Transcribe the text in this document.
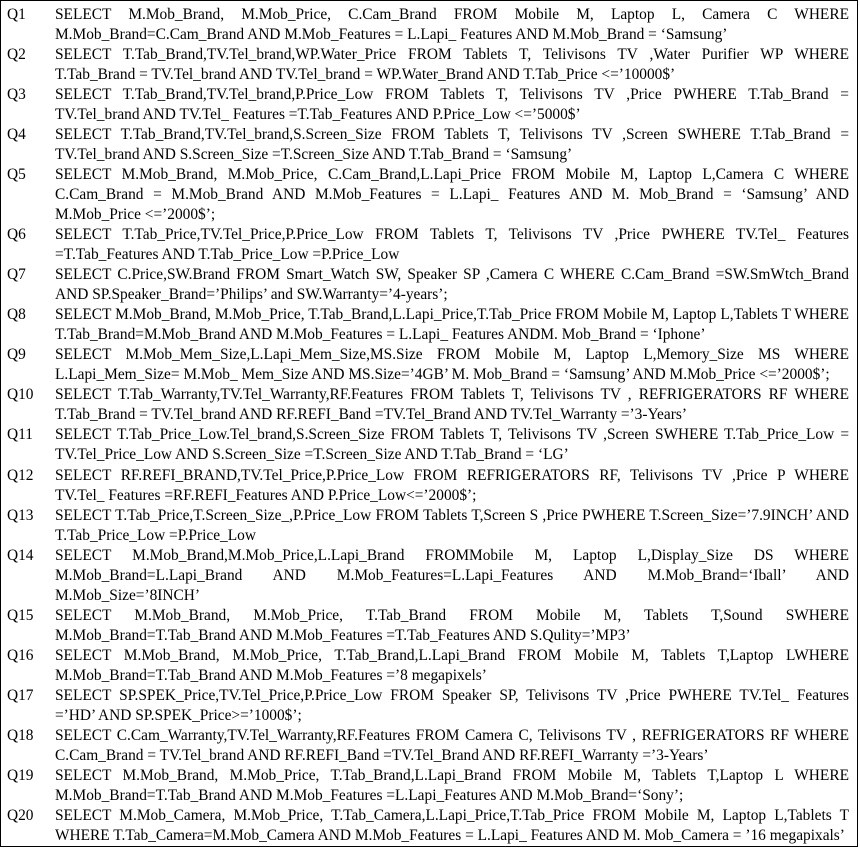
Q1	SELECT M.Mob_Brand, M.Mob_Price, C.Cam_Brand FROM Mobile M, Laptop L, Camera C WHERE M.Mob_Brand=C.Cam_Brand AND M.Mob_Features = L.Lapi_ Features AND M.Mob_Brand = ‘Samsung’
Q2	SELECT T.Tab_Brand,TV.Tel_brand,WP.Water_Price FROM Tablets T, Telivisons TV ,Water Purifier WP WHERE T.Tab_Brand = TV.Tel_brand AND TV.Tel_brand = WP.Water_Brand AND T.Tab_Price <=’10000$’
Q3	SELECT T.Tab_Brand,TV.Tel_brand,P.Price_Low FROM Tablets T, Telivisons TV ,Price PWHERE T.Tab_Brand = TV.Tel_brand AND TV.Tel_ Features =T.Tab_Features AND P.Price_Low <=’5000$’
Q4	SELECT T.Tab_Brand,TV.Tel_brand,S.Screen_Size FROM Tablets T, Telivisons TV ,Screen SWHERE T.Tab_Brand = TV.Tel_brand AND S.Screen_Size =T.Screen_Size AND T.Tab_Brand = ‘Samsung’
Q5	SELECT M.Mob_Brand, M.Mob_Price, C.Cam_Brand,L.Lapi_Price FROM Mobile M, Laptop L,Camera C WHERE C.Cam_Brand = M.Mob_Brand AND M.Mob_Features = L.Lapi_ Features AND M. Mob_Brand = ‘Samsung’ AND M.Mob_Price <=’2000$’;
Q6	SELECT T.Tab_Price,TV.Tel_Price,P.Price_Low FROM Tablets T, Telivisons TV ,Price PWHERE TV.Tel_ Features =T.Tab_Features AND T.Tab_Price_Low =P.Price_Low
Q7	SELECT C.Price,SW.Brand FROM Smart_Watch SW, Speaker SP ,Camera C WHERE C.Cam_Brand =SW.SmWtch_Brand AND SP.Speaker_Brand=’Philips’ and SW.Warranty=’4-years’;
Q8	SELECT M.Mob_Brand, M.Mob_Price, T.Tab_Brand,L.Lapi_Price,T.Tab_Price FROM Mobile M, Laptop L,Tablets T WHERE T.Tab_Brand=M.Mob_Brand AND M.Mob_Features = L.Lapi_ Features ANDM. Mob_Brand = ‘Iphone’
Q9	SELECT M.Mob_Mem_Size,L.Lapi_Mem_Size,MS.Size FROM Mobile M, Laptop L,Memory_Size MS WHERE L.Lapi_Mem_Size= M.Mob_ Mem_Size AND MS.Size=’4GB’ M. Mob_Brand = ‘Samsung’ AND M.Mob_Price <=’2000$’;
Q10	SELECT T.Tab_Warranty,TV.Tel_Warranty,RF.Features FROM Tablets T, Telivisons TV , REFRIGERATORS RF WHERE T.Tab_Brand = TV.Tel_brand AND RF.REFI_Band =TV.Tel_Brand AND TV.Tel_Warranty =’3-Years’
Q11	SELECT T.Tab_Price_Low.Tel_brand,S.Screen_Size FROM Tablets T, Telivisons TV ,Screen SWHERE T.Tab_Price_Low = TV.Tel_Price_Low AND S.Screen_Size =T.Screen_Size AND T.Tab_Brand = ‘LG’
Q12	SELECT RF.REFI_BRAND,TV.Tel_Price,P.Price_Low FROM REFRIGERATORS RF, Telivisons TV ,Price P WHERE TV.Tel_ Features =RF.REFI_Features AND P.Price_Low<=’2000$’;
Q13	SELECT T.Tab_Price,T.Screen_Size_,P.Price_Low FROM Tablets T,Screen S ,Price PWHERE T.Screen_Size=’7.9INCH’ AND T.Tab_Price_Low =P.Price_Low
Q14	SELECT M.Mob_Brand,M.Mob_Price,L.Lapi_Brand FROMMobile M, Laptop L,Display_Size DS WHERE M.Mob_Brand=L.Lapi_Brand AND M.Mob_Features=L.Lapi_Features AND M.Mob_Brand=‘Iball’ AND M.Mob_Size=’8INCH’
Q15	SELECT M.Mob_Brand, M.Mob_Price, T.Tab_Brand FROM Mobile M, Tablets T,Sound SWHERE M.Mob_Brand=T.Tab_Brand AND M.Mob_Features =T.Tab_Features AND S.Qulity=’MP3’
Q16	SELECT M.Mob_Brand, M.Mob_Price, T.Tab_Brand,L.Lapi_Brand FROM Mobile M, Tablets T,Laptop LWHERE M.Mob_Brand=T.Tab_Brand AND M.Mob_Features =’8 megapixels’
Q17	SELECT SP.SPEK_Price,TV.Tel_Price,P.Price_Low FROM Speaker SP, Telivisons TV ,Price PWHERE TV.Tel_ Features =’HD’ AND SP.SPEK_Price>=’1000$’;
Q18	SELECT C.Cam_Warranty,TV.Tel_Warranty,RF.Features FROM Camera C, Telivisons TV , REFRIGERATORS RF WHERE C.Cam_Brand = TV.Tel_brand AND RF.REFI_Band =TV.Tel_Brand AND RF.REFI_Warranty =’3-Years’
Q19	SELECT M.Mob_Brand, M.Mob_Price, T.Tab_Brand,L.Lapi_Brand FROM Mobile M, Tablets T,Laptop L WHERE M.Mob_Brand=T.Tab_Brand AND M.Mob_Features =L.Lapi_Features AND M.Mob_Brand=‘Sony’;
Q20	SELECT M.Mob_Camera, M.Mob_Price, T.Tab_Camera,L.Lapi_Price,T.Tab_Price FROM Mobile M, Laptop L,Tablets T WHERE T.Tab_Camera=M.Mob_Camera AND M.Mob_Features = L.Lapi_ Features AND M. Mob_Camera = ’16 megapixals’
